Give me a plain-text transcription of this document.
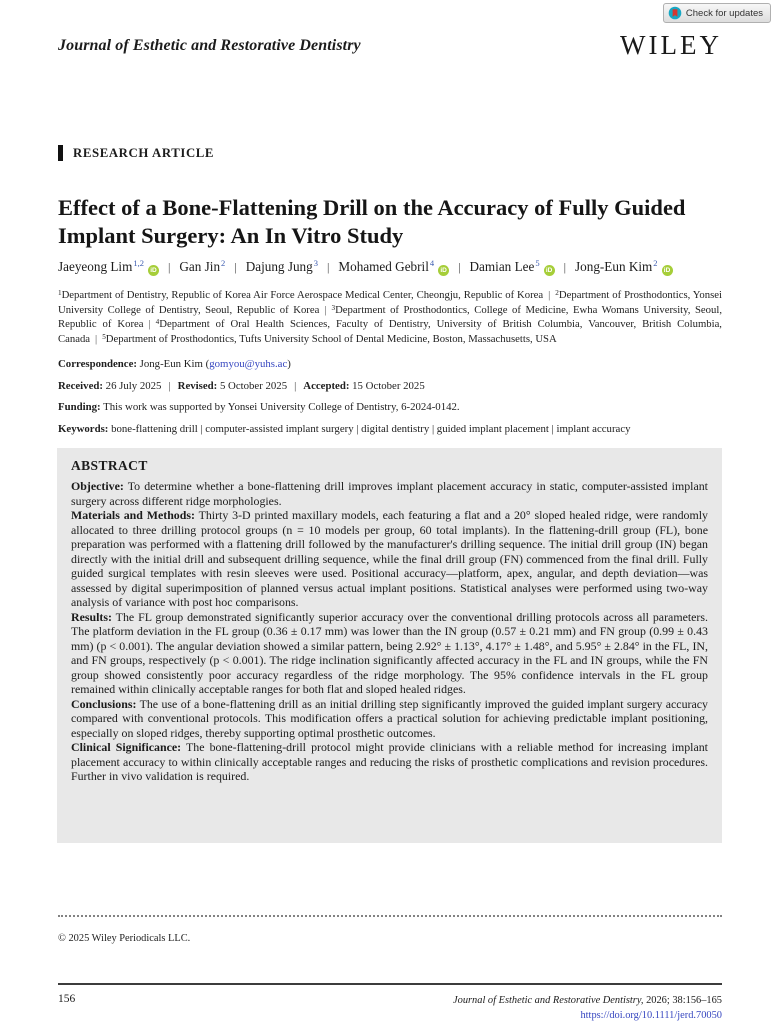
Check for updates
Journal of Esthetic and Restorative Dentistry	WILEY
RESEARCH ARTICLE
Effect of a Bone-Flattening Drill on the Accuracy of Fully Guided Implant Surgery: An In Vitro Study
Jaeyeong Lim$^{1,2}$iD | Gan Jin$^2$ | Dajung Jung$^3$ | Mohamed Gebril$^4$iD | Damian Lee$^5$iD | Jong-Eun Kim$^2$iD

$^1$Department of Dentistry, Republic of Korea Air Force Aerospace Medical Center, Cheongju, Republic of Korea | $^2$Department of Prosthodontics, Yonsei University College of Dentistry, Seoul, Republic of Korea | $^3$Department of Prosthodontics, College of Medicine, Ewha Womans University, Seoul, Republic of Korea | $^4$Department of Oral Health Sciences, Faculty of Dentistry, University of British Columbia, Vancouver, British Columbia, Canada | $^5$Department of Prosthodontics, Tufts University School of Dental Medicine, Boston, Massachusetts, USA

Correspondence: Jong-Eun Kim (gomyou@yuhs.ac)

Received: 26 July 2025 | Revised: 5 October 2025 | Accepted: 15 October 2025

Funding: This work was supported by Yonsei University College of Dentistry, 6-2024-0142.

Keywords: bone-flattening drill | computer-assisted implant surgery | digital dentistry | guided implant placement | implant accuracy

ABSTRACT

Objective: To determine whether a bone-flattening drill improves implant placement accuracy in static, computer-assisted implant surgery across different ridge morphologies.

Materials and Methods: Thirty 3-D printed maxillary models, each featuring a flat and a 20° sloped healed ridge, were randomly allocated to three drilling protocol groups (n = 10 models per group, 60 total implants). In the flattening-drill group (FL), bone preparation was performed with a flattening drill followed by the manufacturer's drilling sequence. The initial drill group (IN) began directly with the initial drill and subsequent drilling sequence, while the final drill group (FN) commenced from the final drill. Fully guided surgical templates with resin sleeves were used. Positional accuracy—platform, apex, angular, and depth deviation—was assessed by digital superimposition of planned versus actual implant positions. Statistical analyses were performed using two-way analysis of variance with post hoc comparisons.

Results: The FL group demonstrated significantly superior accuracy over the conventional drilling protocols across all parameters. The platform deviation in the FL group (0.36 ± 0.17 mm) was lower than the IN group (0.57 ± 0.21 mm) and FN group (0.99 ± 0.43 mm) (p < 0.001). The angular deviation showed a similar pattern, being 2.92° ± 1.13°, 4.17° ± 1.48°, and 5.95° ± 2.84° in the FL, IN, and FN groups, respectively (p < 0.001). The ridge inclination significantly affected accuracy in the FL and IN groups, while the FN group showed consistently poor accuracy regardless of the ridge morphology. The 95% confidence intervals in the FL group remained within clinically acceptable ranges for both flat and sloped healed ridges.

Conclusions: The use of a bone-flattening drill as an initial drilling step significantly improved the guided implant surgery accuracy compared with conventional protocols. This modification offers a practical solution for achieving predictable implant positioning, especially on sloped ridges, thereby supporting optimal prosthetic outcomes.

Clinical Significance: The bone-flattening-drill protocol might provide clinicians with a reliable method for increasing implant placement accuracy to within clinically acceptable ranges and reducing the risks of prosthetic complications and revision procedures. Further in vivo validation is required.

© 2025 Wiley Periodicals LLC.

156	Journal of Esthetic and Restorative Dentistry, 2026; 38:156–165
https://doi.org/10.1111/jerd.70050
